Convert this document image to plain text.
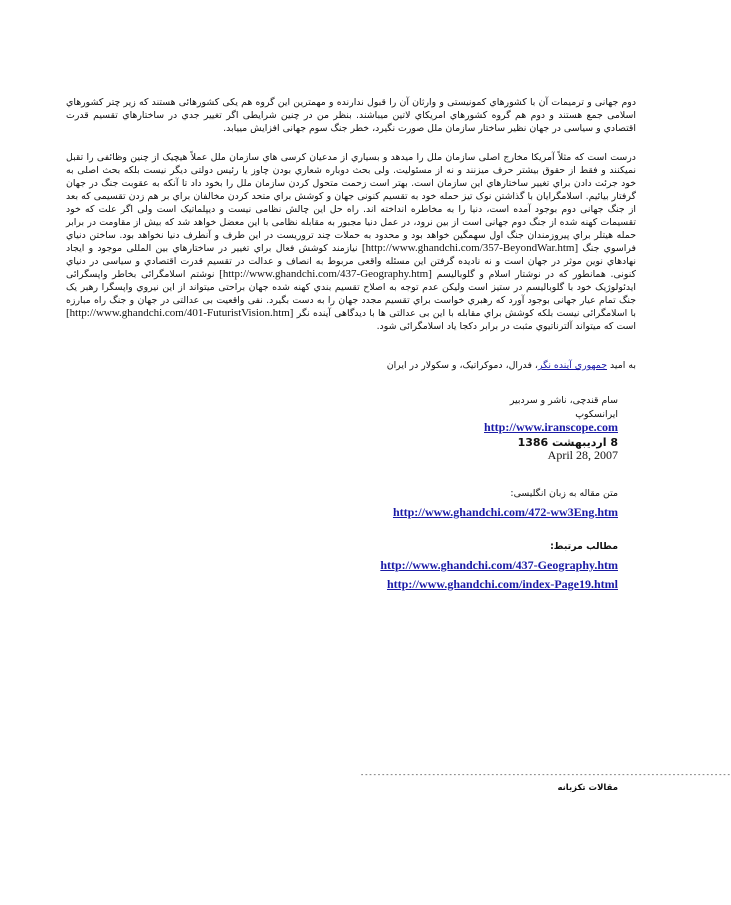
دوم جهانی و ترمیمات آن با کشورهاي کمونیستی و وارثان آن را قبول ندارنده و مهمترین این گروه هم یکی کشورهائی هستند که زیر چتر کشورهاي اسلامی جمع هستند و دوم هم گروه کشورهاي امریکاي لاتین میباشند. بنظر من در چنین شرایطی اگر تغییر جدي در ساختارهاي تقسیم قدرت اقتصادي و سیاسی در جهان نظیر ساختار سازمان ملل صورت نگیرد، خطر جنگ سوم جهانی افزایش مییابد.

درست است که مثلاً آمریکا مخارج اصلی سازمان ملل را میدهد و بسیاري از مدعیان کرسی هاي سازمان ملل عملاً هیچیک از چنین وظائفی را تقبل نمیکنند و فقط از حقوق بیشتر حرف میزنند و نه از مسئولیت. ولی بحث دوباره شعاري بودن چاوز یا رئیس دولتی دیگر نیست بلکه بحث اصلی به خود جرئت دادن براي تغییر ساختارهاي این سازمان است. بهتر است زحمت متحول کردن سازمان ملل را بخود داد تا آنکه به عقوبت جنگ در جهان گرفتار بیائیم. اسلامگرایان با گذاشتن نوک تیز حمله خود به تقسیم کنونی جهان و کوشش براي متحد کردن مخالفان براي بر هم زدن تقسیمی که بعد از جنگ جهانی دوم بوجود آمده است، دنیا را به مخاطره انداخته اند. راه حل این چالش نظامی نیست و دیپلماتیک است ولی اگر علت که خود تقسیمات کهنه شده از جنگ دوم جهانی است از بین نرود، در عمل دنیا مجبور به مقابله نظامی با این معضل خواهد شد که بیش از مقاومت در برابر حمله هیتلر براي پیروزمندان جنگ اول سهمگین خواهد بود و محدود به حملات چند تروریست در این طرف و آنطرف دنیا نخواهد بود. ساختن دنیاي فراسوي جنگ [http://www.ghandchi.com/357-BeyondWar.htm] نیازمند کوشش فعال براي تغییر در ساختارهاي بین المللی موجود و ایجاد نهادهاي نوین موثر در جهان است و نه نادیده گرفتن این مسئله واقعی مربوط به انصاف و عدالت در تقسیم قدرت اقتصادي و سیاسی در دنیاي کنونی. همانطور که در نوشتار اسلام و گلوبالیسم [http://www.ghandchi.com/437-Geography.htm] نوشتم اسلامگرائی بخاطر واپسگرائی ایدئولوژیک خود با گلوبالیسم در ستیز است ولیکن عدم توجه به اصلاح تقسیم بندي کهنه شده جهان براحتی میتواند از این نیروي واپسگرا رهبر یک جنگ تمام عیار جهانی بوجود آورد که رهبري خواست براي تقسیم مجدد جهان را به دست بگیرد. نفی واقعیت بی عدالتی در جهان و جنگ راه مبارزه با اسلامگرائی نیست بلکه کوشش براي مقابله با این بی عدالتی ها با دیدگاهی آینده نگر [http://www.ghandchi.com/401-FuturistVision.htm] است که میتواند آلترناتیوي مثبت در برابر دکجا یاد اسلامگرائی شود.

به امید جمهوري آینده نگر، فدرال، دموکراتیک، و سکولار در ایران

سام قندچی، ناشر و سردبیر
ایرانسکوپ
http://www.iranscope.com
8 اردیبهشت 1386
April 28, 2007
متن مقاله به زبان انگلیسی:
http://www.ghandchi.com/472-ww3Eng.htm
مطالب مرتبط:
http://www.ghandchi.com/437-Geography.htm
http://www.ghandchi.com/index-Page19.html
----------------------------------------------------------------------------------------
مقالات تکزبانه
